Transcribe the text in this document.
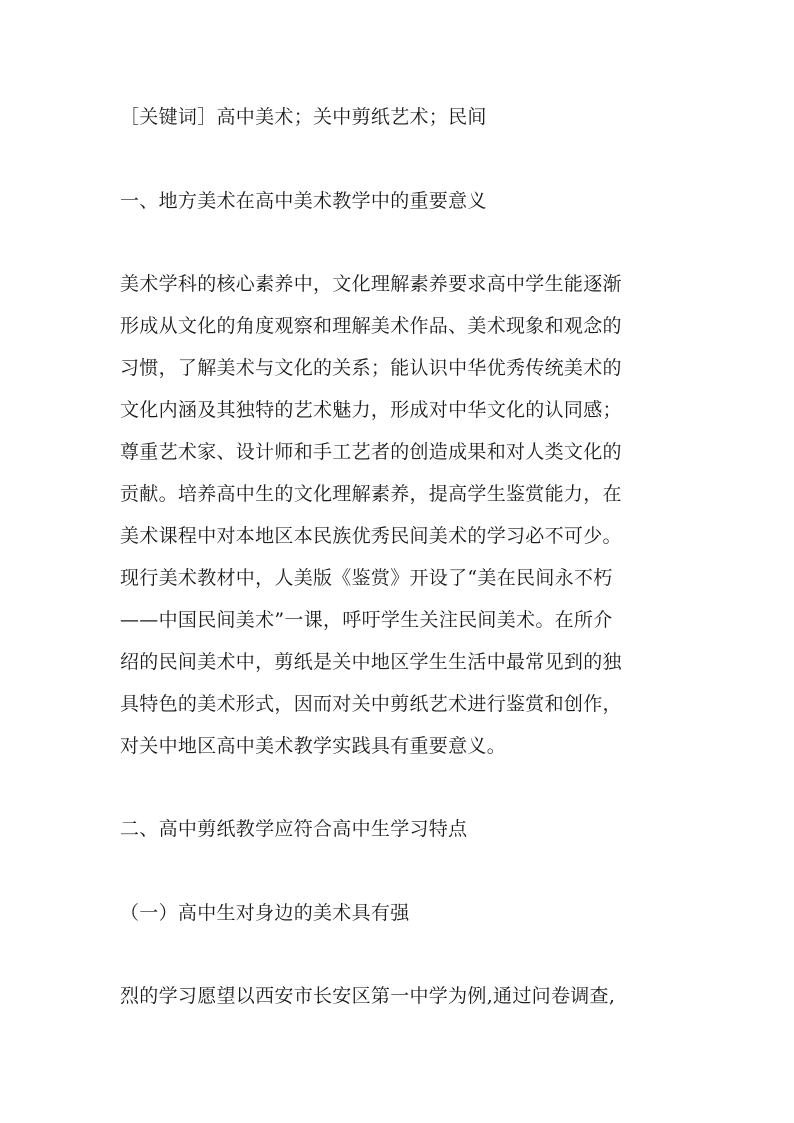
［关键词］高中美术；关中剪纸艺术；民间
一、地方美术在高中美术教学中的重要意义
美术学科的核心素养中，文化理解素养要求高中学生能逐渐
形成从文化的角度观察和理解美术作品、美术现象和观念的
习惯，了解美术与文化的关系；能认识中华优秀传统美术的
文化内涵及其独特的艺术魅力，形成对中华文化的认同感；
尊重艺术家、设计师和手工艺者的创造成果和对人类文化的
贡献。培养高中生的文化理解素养，提高学生鉴赏能力，在
美术课程中对本地区本民族优秀民间美术的学习必不可少。
现行美术教材中，人美版《鉴赏》开设了“美在民间永不朽
——中国民间美术”一课，呼吁学生关注民间美术。在所介
绍的民间美术中，剪纸是关中地区学生生活中最常见到的独
具特色的美术形式，因而对关中剪纸艺术进行鉴赏和创作，
对关中地区高中美术教学实践具有重要意义。
二、高中剪纸教学应符合高中生学习特点
（一）高中生对身边的美术具有强
烈的学习愿望以西安市长安区第一中学为例,通过问卷调查,
